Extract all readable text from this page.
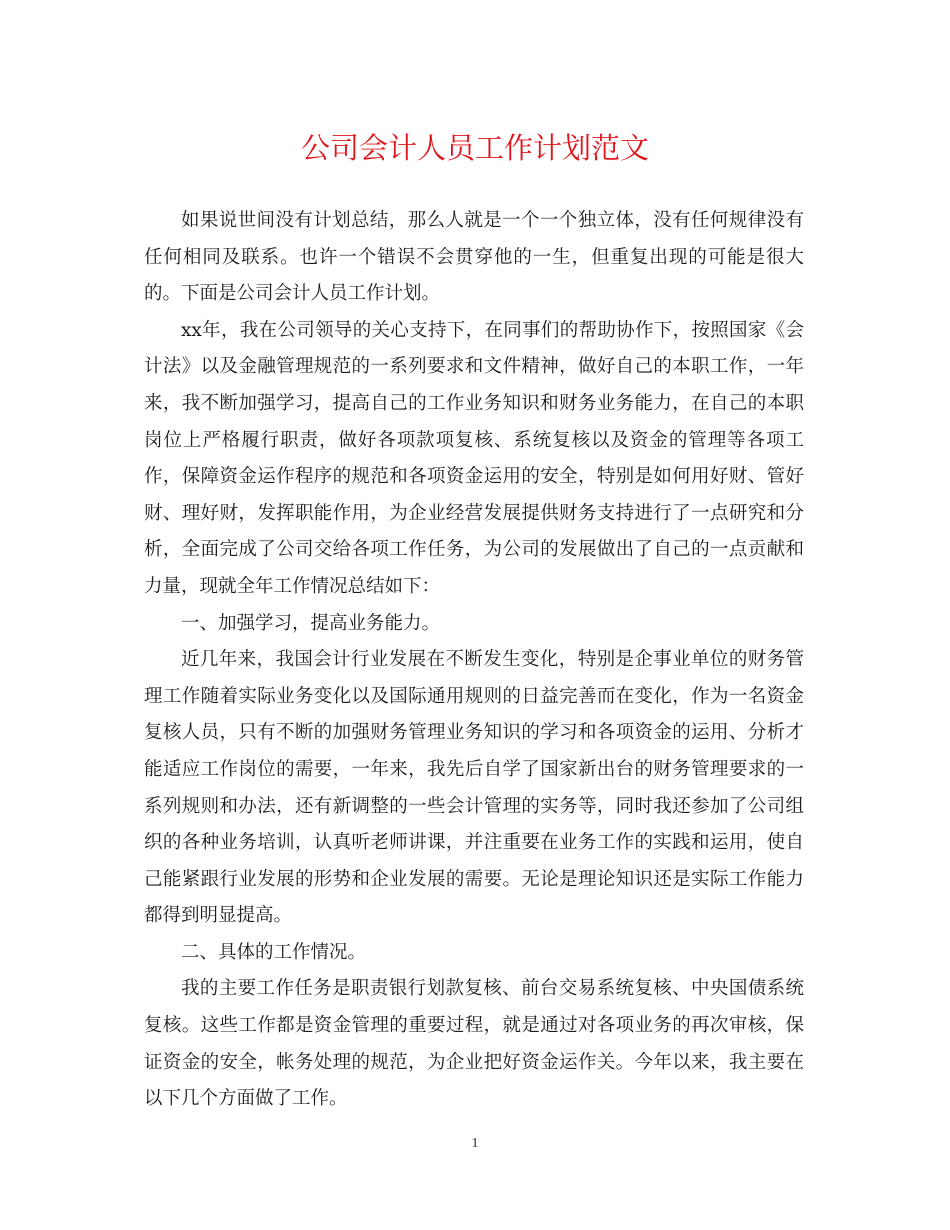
公司会计人员工作计划范文

如果说世间没有计划总结，那么人就是一个一个独立体，没有任何规律没有任何相同及联系。也许一个错误不会贯穿他的一生，但重复出现的可能是很大的。下面是公司会计人员工作计划。

xx年，我在公司领导的关心支持下，在同事们的帮助协作下，按照国家《会计法》以及金融管理规范的一系列要求和文件精神，做好自己的本职工作，一年来，我不断加强学习，提高自己的工作业务知识和财务业务能力，在自己的本职岗位上严格履行职责，做好各项款项复核、系统复核以及资金的管理等各项工作，保障资金运作程序的规范和各项资金运用的安全，特别是如何用好财、管好财、理好财，发挥职能作用，为企业经营发展提供财务支持进行了一点研究和分析，全面完成了公司交给各项工作任务，为公司的发展做出了自己的一点贡献和力量，现就全年工作情况总结如下：

一、加强学习，提高业务能力。

近几年来，我国会计行业发展在不断发生变化，特别是企事业单位的财务管理工作随着实际业务变化以及国际通用规则的日益完善而在变化，作为一名资金复核人员，只有不断的加强财务管理业务知识的学习和各项资金的运用、分析才能适应工作岗位的需要，一年来，我先后自学了国家新出台的财务管理要求的一系列规则和办法，还有新调整的一些会计管理的实务等，同时我还参加了公司组织的各种业务培训，认真听老师讲课，并注重要在业务工作的实践和运用，使自己能紧跟行业发展的形势和企业发展的需要。无论是理论知识还是实际工作能力都得到明显提高。

二、具体的工作情况。

我的主要工作任务是职责银行划款复核、前台交易系统复核、中央国债系统复核。这些工作都是资金管理的重要过程，就是通过对各项业务的再次审核，保证资金的安全，帐务处理的规范，为企业把好资金运作关。今年以来，我主要在以下几个方面做了工作。

1
